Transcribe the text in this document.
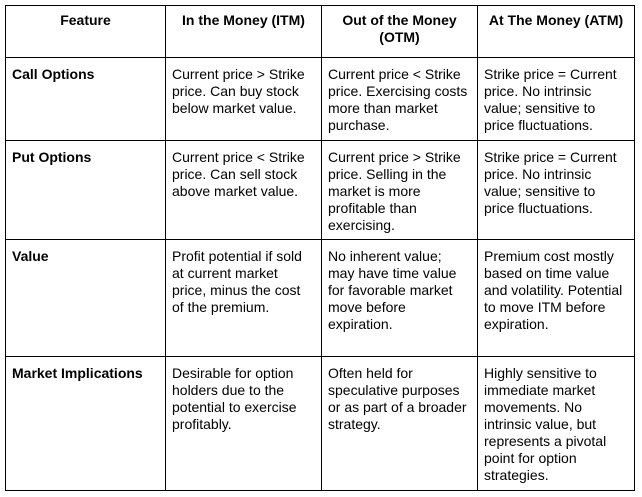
Feature	In the Money (ITM)	Out of the Money (OTM)	At The Money (ATM)
Call Options	Current price > Strike price. Can buy stock below market value.	Current price < Strike price. Exercising costs more than market purchase.	Strike price = Current price. No intrinsic value; sensitive to price fluctuations.
Put Options	Current price < Strike price. Can sell stock above market value.	Current price > Strike price. Selling in the market is more profitable than exercising.	Strike price = Current price. No intrinsic value; sensitive to price fluctuations.
Value	Profit potential if sold at current market price, minus the cost of the premium.	No inherent value; may have time value for favorable market move before expiration.	Premium cost mostly based on time value and volatility. Potential to move ITM before expiration.
Market Implications	Desirable for option holders due to the potential to exercise profitably.	Often held for speculative purposes or as part of a broader strategy.	Highly sensitive to immediate market movements. No intrinsic value, but represents a pivotal point for option strategies.
